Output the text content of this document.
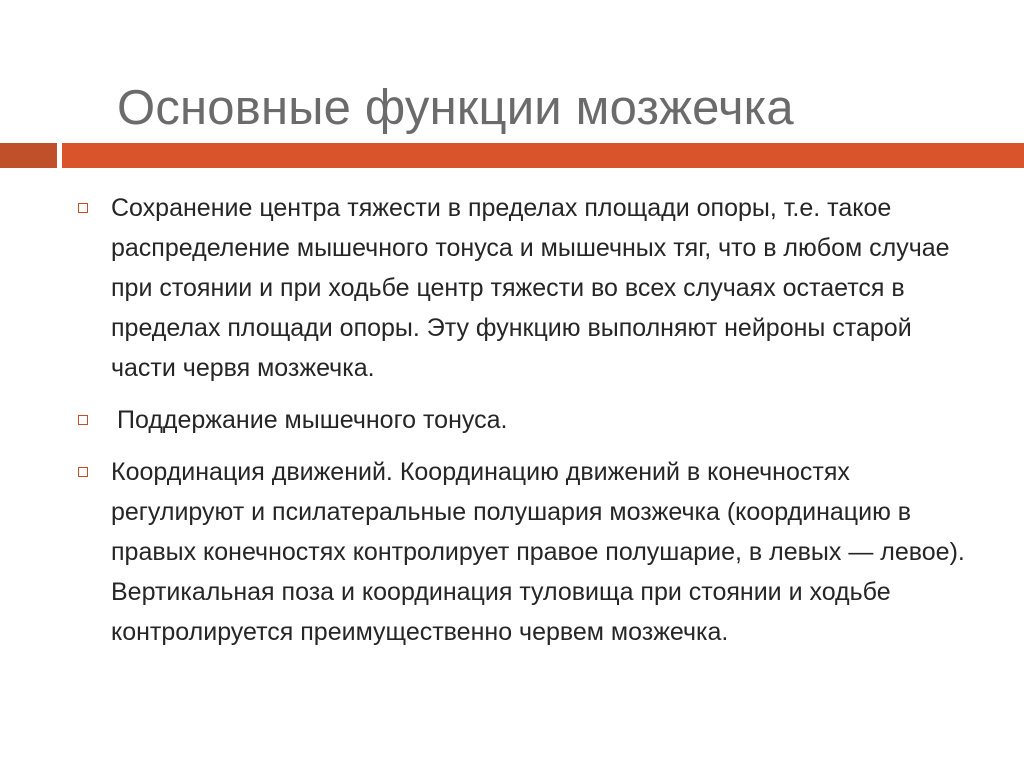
Основные функции мозжечка
Сохранение центра тяжести в пределах площади опоры, т.е. такое распределение мышечного тонуса и мышечных тяг, что в любом случае при стоянии и при ходьбе центр тяжести во всех случаях остается в пределах площади опоры. Эту функцию выполняют нейроны старой части червя мозжечка.
Поддержание мышечного тонуса.
Координация движений. Координацию движений в конечностях регулируют и псилатеральные полушария мозжечка (координацию в правых конечностях контролирует правое полушарие, в левых — левое). Вертикальная поза и координация туловища при стоянии и ходьбе контролируется преимущественно червем мозжечка.
